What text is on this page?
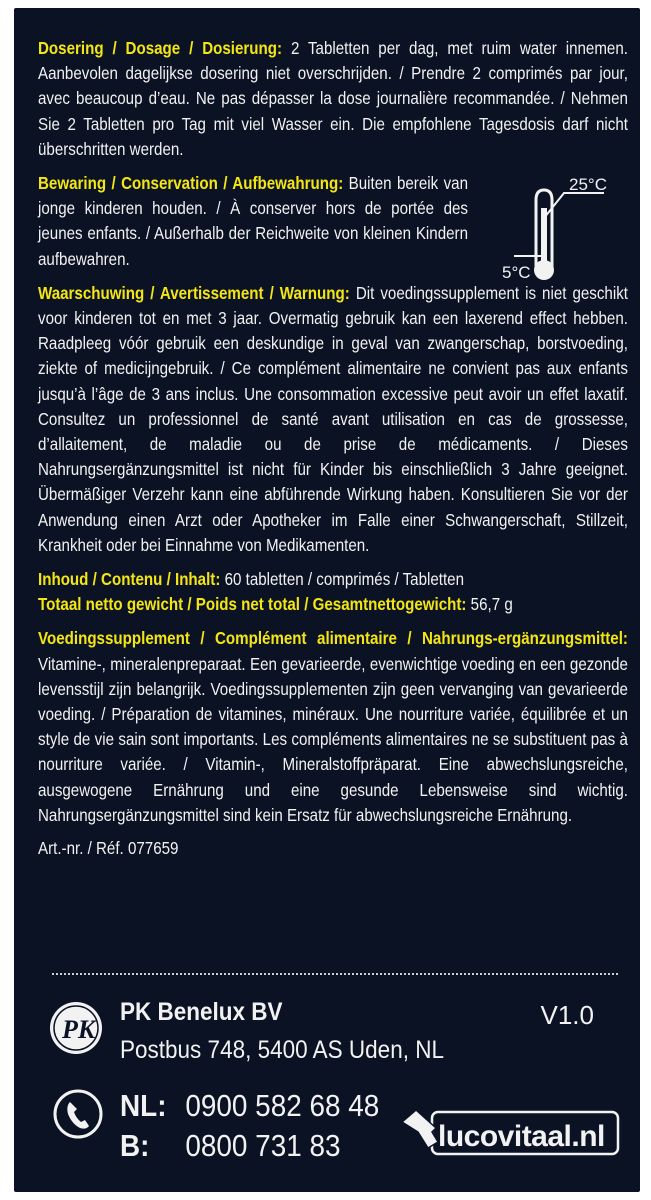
Dosering / Dosage / Dosierung: 2 Tabletten per dag, met ruim water innemen. Aanbevolen dagelijkse dosering niet overschrijden. / Prendre 2 comprimés par jour, avec beaucoup d’eau. Ne pas dépasser la dose journalière recommandée. / Nehmen Sie 2 Tabletten pro Tag mit viel Wasser ein. Die empfohlene Tagesdosis darf nicht überschritten werden.
Bewaring / Conservation / Aufbewahrung: Buiten bereik van jonge kinderen houden. / À conserver hors de portée des jeunes enfants. / Außerhalb der Reichweite von kleinen Kindern aufbewahren.
Waarschuwing / Avertissement / Warnung: Dit voedingssupplement is niet geschikt voor kinderen tot en met 3 jaar. Overmatig gebruik kan een laxerend effect hebben. Raadpleeg vóór gebruik een deskundige in geval van zwangerschap, borstvoeding, ziekte of medicijngebruik. / Ce complément alimentaire ne convient pas aux enfants jusqu’à l’âge de 3 ans inclus. Une consommation excessive peut avoir un effet laxatif. Consultez un professionnel de santé avant utilisation en cas de grossesse, d’allaitement, de maladie ou de prise de médicaments. / Dieses Nahrungsergänzungsmittel ist nicht für Kinder bis einschließlich 3 Jahre geeignet. Übermäßiger Verzehr kann eine abführende Wirkung haben. Konsultieren Sie vor der Anwendung einen Arzt oder Apotheker im Falle einer Schwangerschaft, Stillzeit, Krankheit oder bei Einnahme von Medikamenten.
Inhoud / Contenu / Inhalt: 60 tabletten / comprimés / Tabletten
Totaal netto gewicht / Poids net total / Gesamtnettogewicht: 56,7 g
Voedingssupplement / Complément alimentaire / Nahrungs-ergänzungsmittel: Vitamine-, mineralenpreparaat. Een gevarieerde, evenwichtige voeding en een gezonde levensstijl zijn belangrijk. Voedingssupplementen zijn geen vervanging van gevarieerde voeding. / Préparation de vitamines, minéraux. Une nourriture variée, équilibrée et un style de vie sain sont importants. Les compléments alimentaires ne se substituent pas à nourriture variée. / Vitamin-, Mineralstoffpräparat. Eine abwechslungsreiche, ausgewogene Ernährung und eine gesunde Lebensweise sind wichtig. Nahrungsergänzungsmittel sind kein Ersatz für abwechslungsreiche Ernährung.
Art.-nr. / Réf. 077659
25°C
5°C
PK
PK Benelux BV
Postbus 748, 5400 AS Uden, NL
V1.0
NL: 0900 582 68 48
B: 0800 731 83	lucovitaal.nl
